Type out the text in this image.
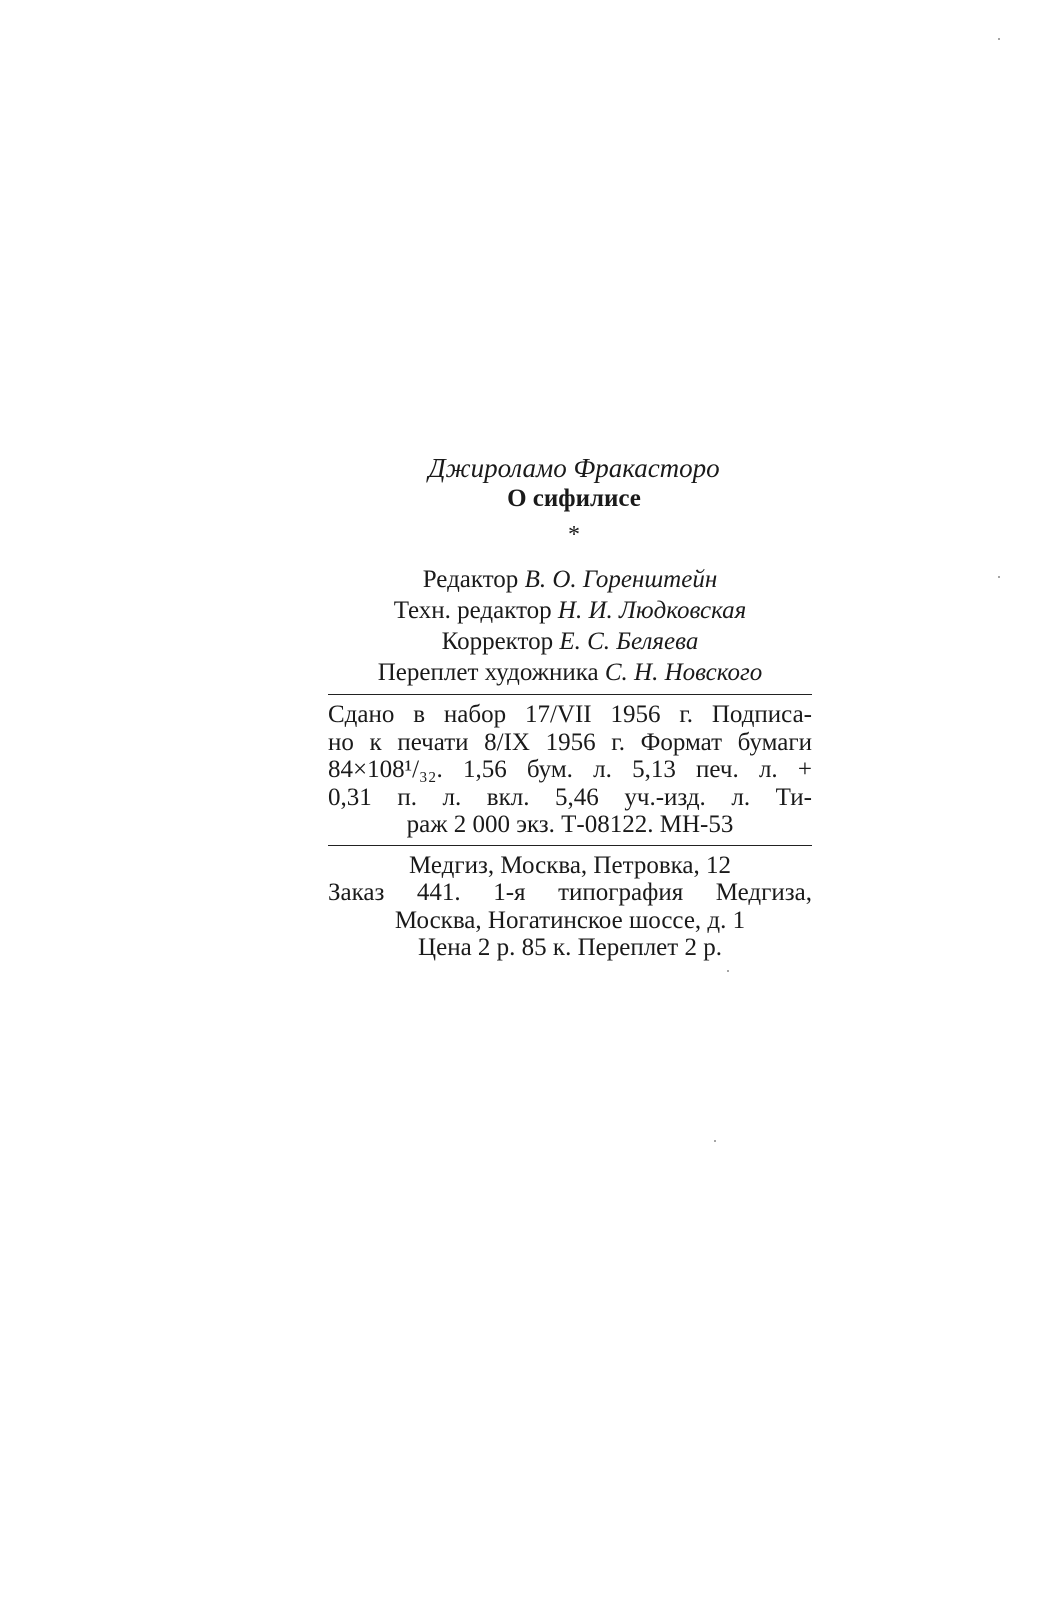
Джироламо Фракасторо
О сифилисе
*
Редактор В. О. Горенштейн
Техн. редактор Н. И. Людковская
Корректор Е. С. Беляева
Переплет художника С. Н. Новского

Сдано в набор 17/VII 1956 г. Подписа-

но к печати 8/IX 1956 г. Формат бумаги

84×108¹/₃₂. 1,56 бум. л. 5,13 печ. л. +

0,31 п. л. вкл. 5,46 уч.-изд. л. Ти-

раж 2 000 экз. Т-08122. МН-53

Медгиз, Москва, Петровка, 12

Заказ 441. 1-я типография Медгиза,

Москва, Ногатинское шоссе, д. 1

Цена 2 р. 85 к. Переплет 2 р.
